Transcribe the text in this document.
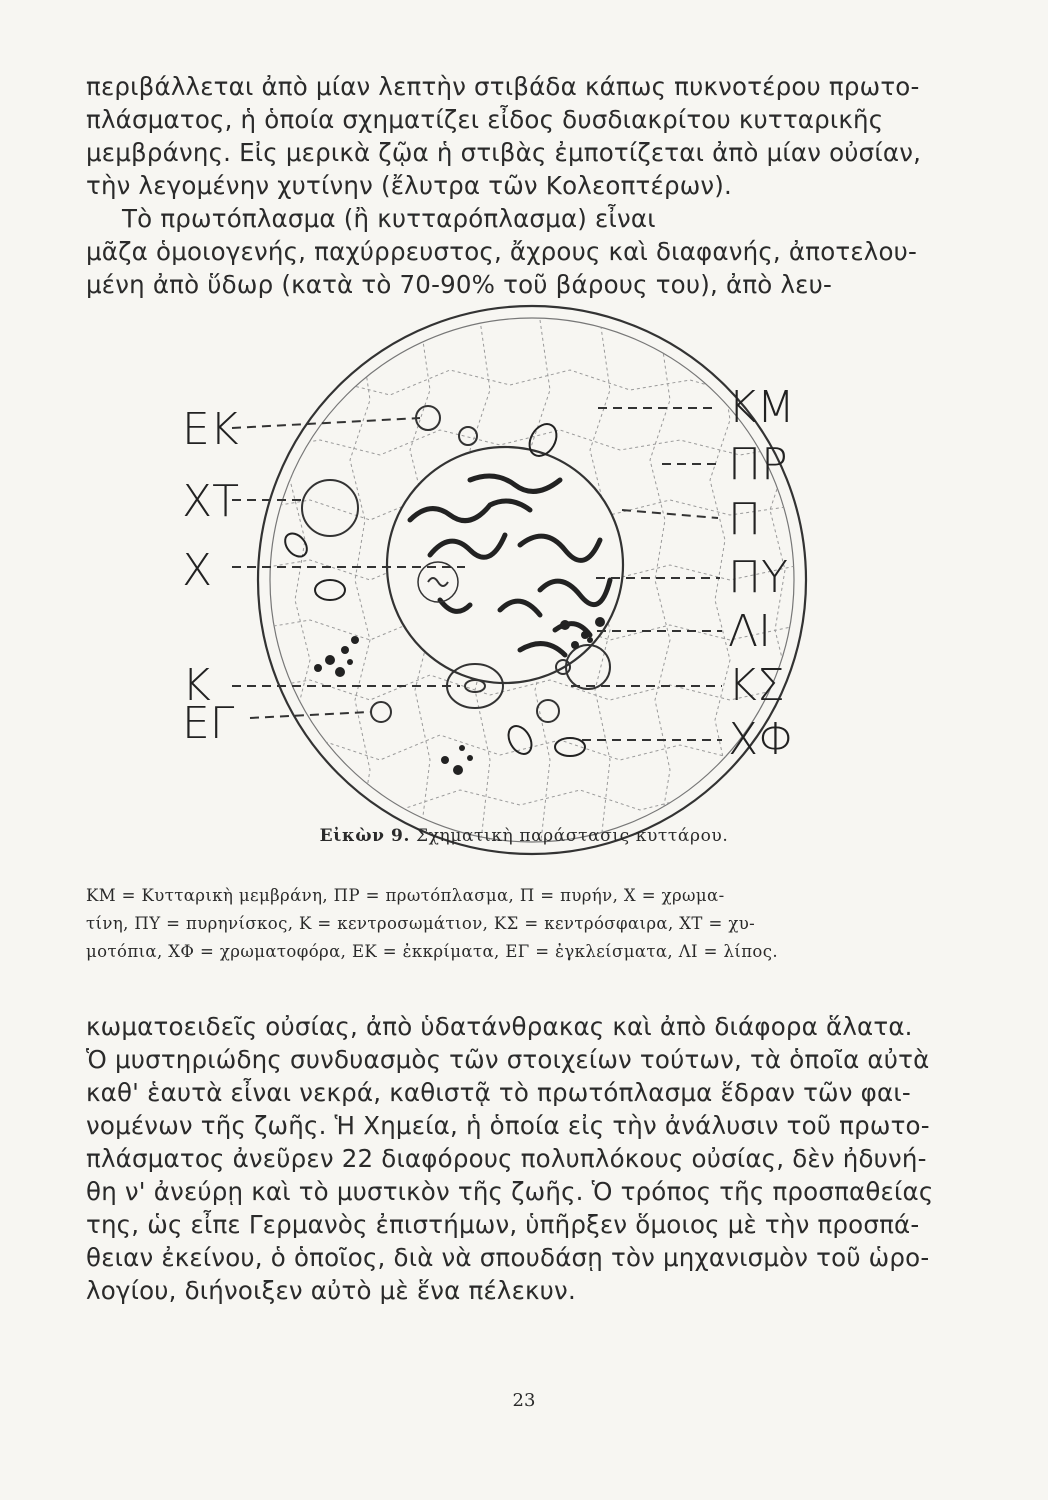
περιβάλλεται ἀπὸ μίαν λεπτὴν στιβάδα κάπως πυκνοτέρου πρωτο-
πλάσματος, ἡ ὁποία σχηματίζει εἶδος δυσδιακρίτου κυτταρικῆς
μεμβράνης. Εἰς μερικὰ ζῷα ἡ στιβὰς ἐμποτίζεται ἀπὸ μίαν οὐσίαν,
τὴν λεγομένην χυτίνην (ἔλυτρα τῶν Κολεοπτέρων).
Τὸ πρωτόπλασμα (ἢ κυτταρόπλασμα) εἶναι
μᾶζα ὁμοιογενής, παχύρρευστος, ἄχρους καὶ διαφανής, ἀποτελου-
μένη ἀπὸ ὕδωρ (κατὰ τὸ 70-90% τοῦ βάρους του), ἀπὸ λευ-
ΕΚ
ΧΤ
Χ
Κ
ΕΓ
ΚΜ
ΠΡ
Π
ΠΥ
ΛΙ
ΚΣ
ΧΦ
Εἰκὼν 9. Σχηματικὴ παράστασις κυττάρου.
ΚΜ = Κυτταρικὴ μεμβράνη, ΠΡ = πρωτόπλασμα, Π = πυρήν, Χ = χρωμα-
τίνη, ΠΥ = πυρηνίσκος, Κ = κεντροσωμάτιον, ΚΣ = κεντρόσφαιρα, ΧΤ = χυ-
μοτόπια, ΧΦ = χρωματοφόρα, ΕΚ = ἐκκρίματα, ΕΓ = ἐγκλείσματα, ΛΙ = λίπος.
κωματοειδεῖς οὐσίας, ἀπὸ ὑδατάνθρακας καὶ ἀπὸ διάφορα ἅλατα.
Ὁ μυστηριώδης συνδυασμὸς τῶν στοιχείων τούτων, τὰ ὁποῖα αὐτὰ
καθ' ἑαυτὰ εἶναι νεκρά, καθιστᾷ τὸ πρωτόπλασμα ἕδραν τῶν φαι-
νομένων τῆς ζωῆς. Ἡ Χημεία, ἡ ὁποία εἰς τὴν ἀνάλυσιν τοῦ πρωτο-
πλάσματος ἀνεῦρεν 22 διαφόρους πολυπλόκους οὐσίας, δὲν ἠδυνή-
θη ν' ἀνεύρῃ καὶ τὸ μυστικὸν τῆς ζωῆς. Ὁ τρόπος τῆς προσπαθείας
της, ὡς εἶπε Γερμανὸς ἐπιστήμων, ὑπῆρξεν ὅμοιος μὲ τὴν προσπά-
θειαν ἐκείνου, ὁ ὁποῖος, διὰ νὰ σπουδάσῃ τὸν μηχανισμὸν τοῦ ὡρο-
λογίου, διήνοιξεν αὐτὸ μὲ ἕνα πέλεκυν.
23
